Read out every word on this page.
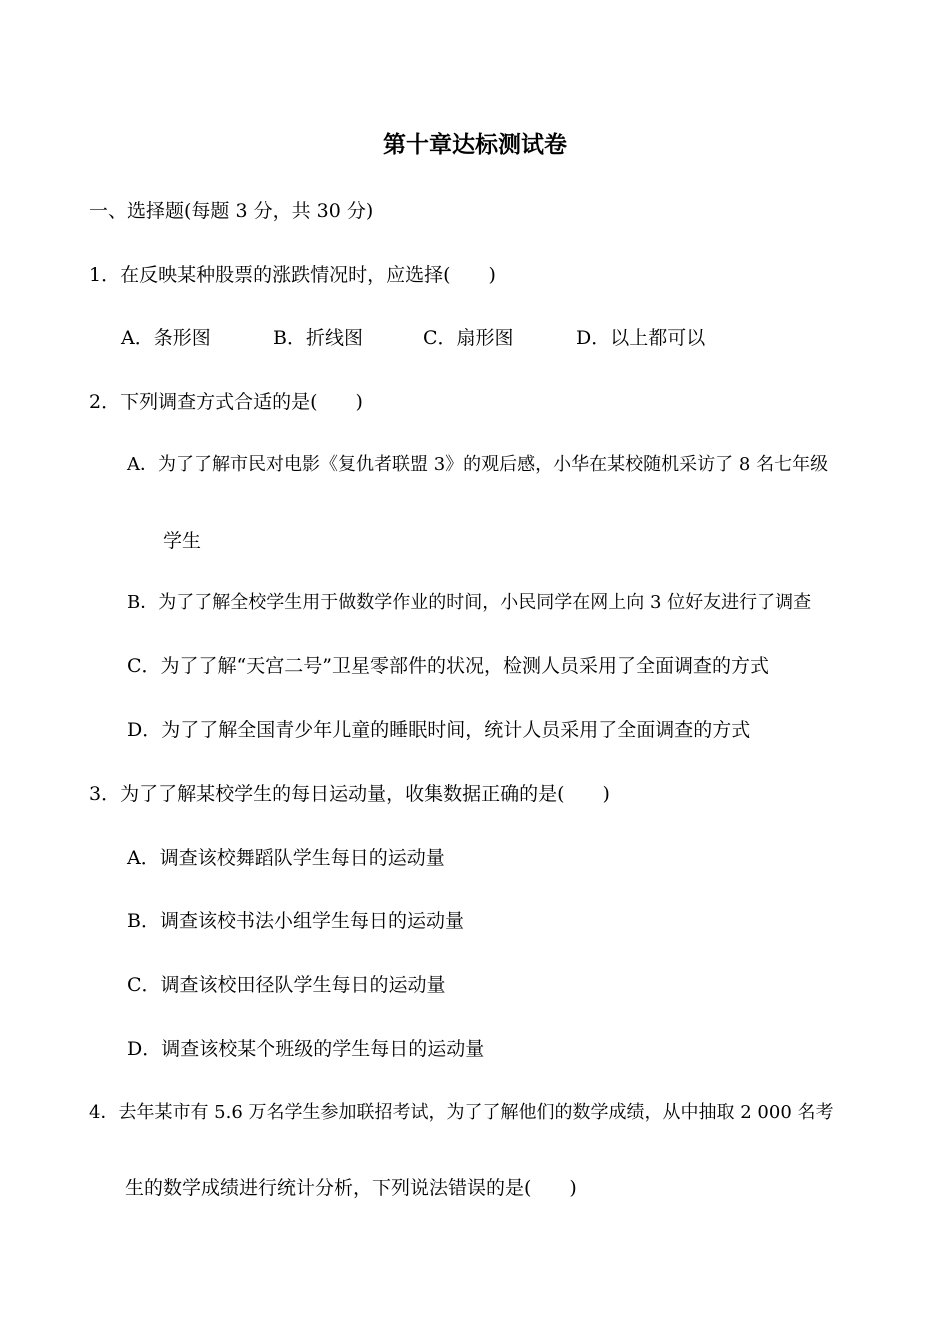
第十章达标测试卷
一、选择题(每题 3 分，共 30 分)
1．在反映某种股票的涨跌情况时，应选择(　　)
A．条形图	B．折线图	C．扇形图	D．以上都可以
2．下列调查方式合适的是(　　)
A．为了了解市民对电影《复仇者联盟 3》的观后感，小华在某校随机采访了 8 名七年级
学生
B．为了了解全校学生用于做数学作业的时间，小民同学在网上向 3 位好友进行了调查
C．为了了解“天宫二号”卫星零部件的状况，检测人员采用了全面调查的方式
D．为了了解全国青少年儿童的睡眠时间，统计人员采用了全面调查的方式
3．为了了解某校学生的每日运动量，收集数据正确的是(　　)
A．调查该校舞蹈队学生每日的运动量
B．调查该校书法小组学生每日的运动量
C．调查该校田径队学生每日的运动量
D．调查该校某个班级的学生每日的运动量
4．去年某市有 5.6 万名学生参加联招考试，为了了解他们的数学成绩，从中抽取 2 000 名考
生的数学成绩进行统计分析，下列说法错误的是(　　)
